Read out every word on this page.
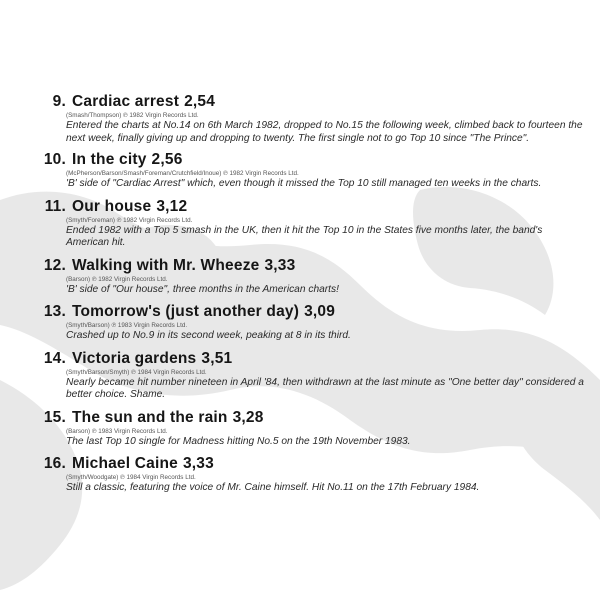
9. Cardiac arrest 2,54
(Smash/Thompson) ℗ 1982 Virgin Records Ltd.
Entered the charts at No.14 on 6th March 1982, dropped to No.15 the following week, climbed back to fourteen the next week, finally giving up and dropping to twenty. The first single not to go Top 10 since "The Prince".
10. In the city 2,56
(McPherson/Barson/Smash/Foreman/Crutchfield/Inoue) ℗ 1982 Virgin Records Ltd.
'B' side of "Cardiac Arrest" which, even though it missed the Top 10 still managed ten weeks in the charts.
11. Our house 3,12
(Smyth/Foreman) ℗ 1982 Virgin Records Ltd.
Ended 1982 with a Top 5 smash in the UK, then it hit the Top 10 in the States five months later, the band's American hit.
12. Walking with Mr. Wheeze 3,33
(Barson) ℗ 1982 Virgin Records Ltd.
'B' side of "Our house", three months in the American charts!
13. Tomorrow's (just another day) 3,09
(Smyth/Barson) ℗ 1983 Virgin Records Ltd.
Crashed up to No.9 in its second week, peaking at 8 in its third.
14. Victoria gardens 3,51
(Smyth/Barson/Smyth) ℗ 1984 Virgin Records Ltd.
Nearly became hit number nineteen in April '84, then withdrawn at the last minute as "One better day" considered a better choice. Shame.
15. The sun and the rain 3,28
(Barson) ℗ 1983 Virgin Records Ltd.
The last Top 10 single for Madness hitting No.5 on the 19th November 1983.
16. Michael Caine 3,33
(Smyth/Woodgate) ℗ 1984 Virgin Records Ltd.
Still a classic, featuring the voice of Mr. Caine himself. Hit No.11 on the 17th February 1984.
